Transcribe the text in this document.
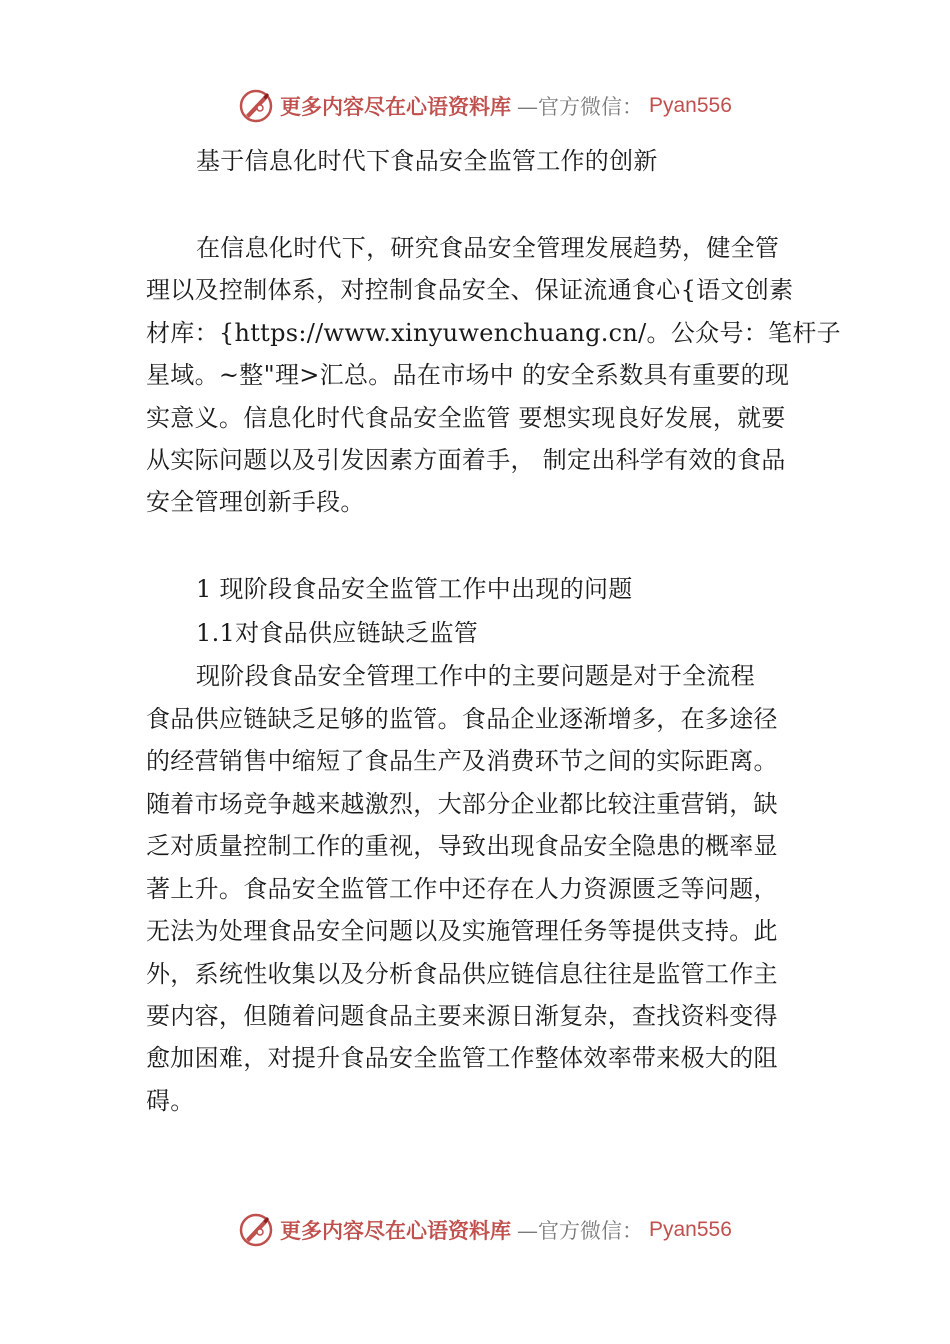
更多内容尽在心语资料库 —官方微信： Pyan556
基于信息化时代下食品安全监管工作的创新
在信息化时代下，研究食品安全管理发展趋势，健全管
理以及控制体系，对控制食品安全、保证流通食心{语文创素
材库：{https://www.xinyuwenchuang.cn/。公众号：笔杆子
星域。~整"理>汇总。品在市场中 的安全系数具有重要的现
实意义。信息化时代食品安全监管 要想实现良好发展，就要
从实际问题以及引发因素方面着手， 制定出科学有效的食品
安全管理创新手段。
1 现阶段食品安全监管工作中出现的问题
1.1对食品供应链缺乏监管
现阶段食品安全管理工作中的主要问题是对于全流程
食品供应链缺乏足够的监管。食品企业逐渐增多，在多途径
的经营销售中缩短了食品生产及消费环节之间的实际距离。
随着市场竞争越来越激烈，大部分企业都比较注重营销，缺
乏对质量控制工作的重视，导致出现食品安全隐患的概率显
著上升。食品安全监管工作中还存在人力资源匮乏等问题，
无法为处理食品安全问题以及实施管理任务等提供支持。此
外，系统性收集以及分析食品供应链信息往往是监管工作主
要内容，但随着问题食品主要来源日渐复杂，查找资料变得
愈加困难，对提升食品安全监管工作整体效率带来极大的阻
碍。
更多内容尽在心语资料库 —官方微信： Pyan556
